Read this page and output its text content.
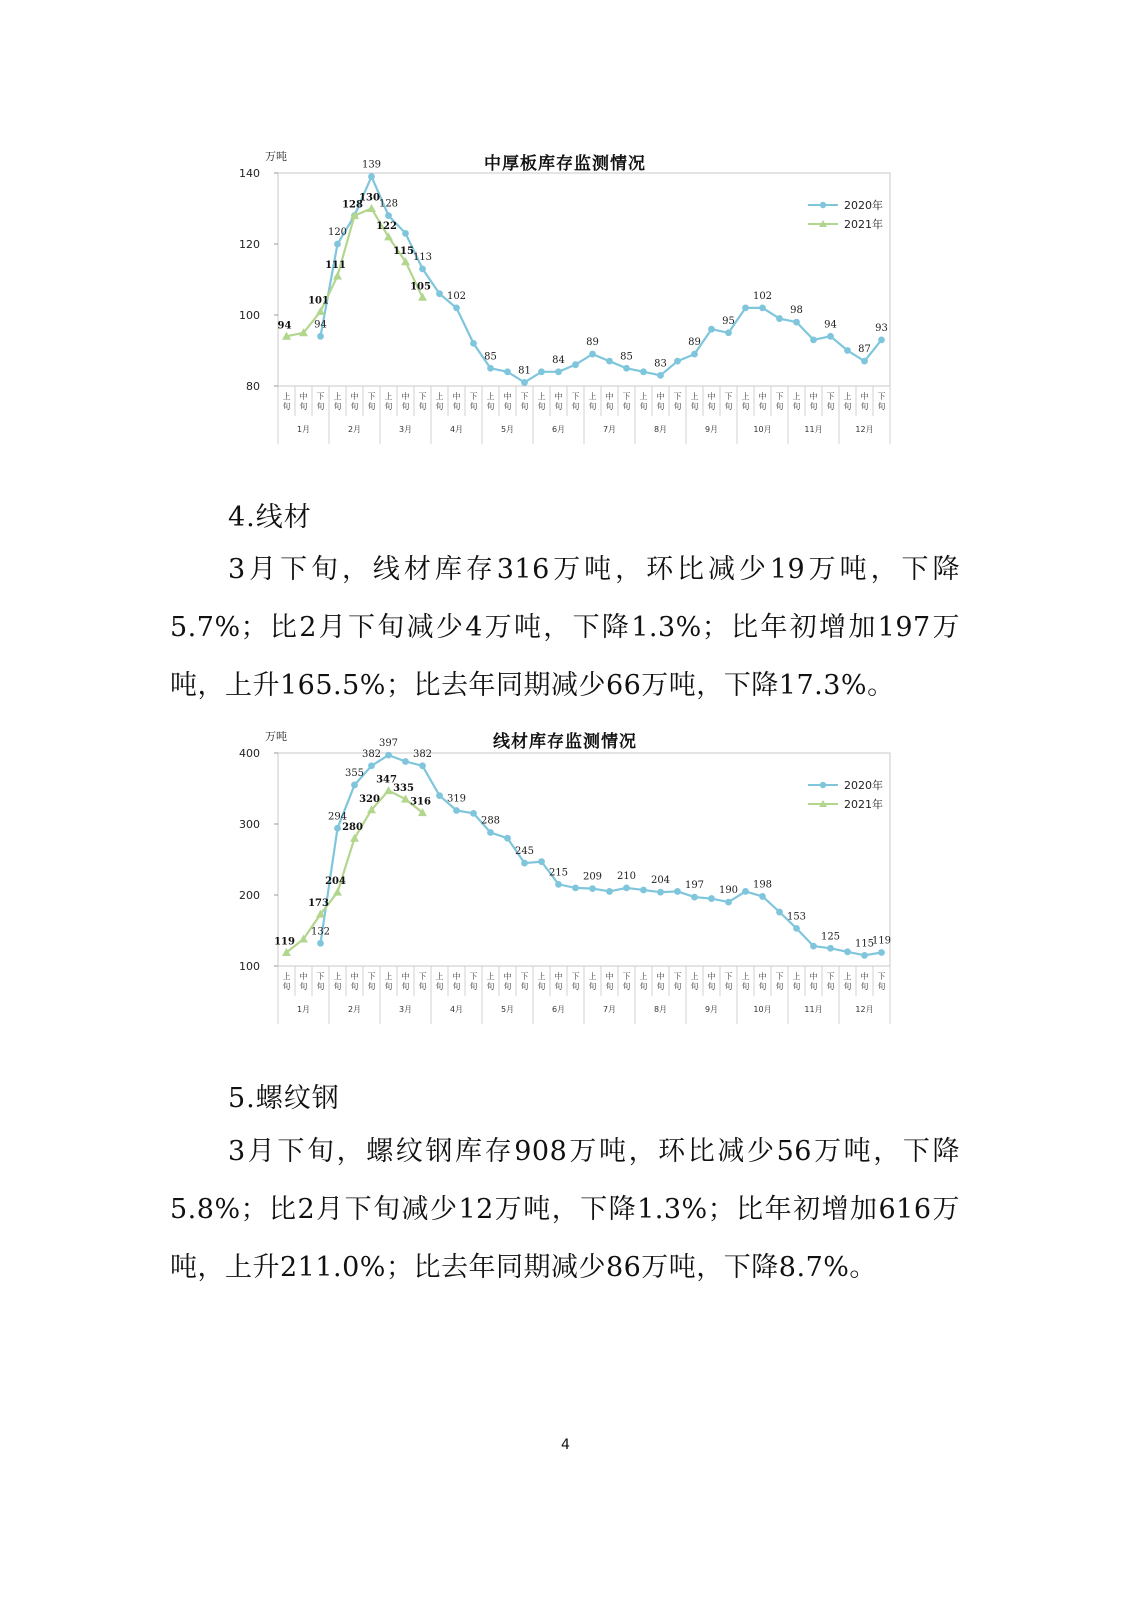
中厚板库存监测情况
万吨
80
100
120
140
上旬
中旬
下旬
上旬
中旬
下旬
上旬
中旬
下旬
上旬
中旬
下旬
上旬
中旬
下旬
上旬
中旬
下旬
上旬
中旬
下旬
上旬
中旬
下旬
上旬
中旬
下旬
上旬
中旬
下旬
上旬
中旬
下旬
上旬
中旬
下旬
1月	2月	3月	4月	5月	6月	7月	8月	9月	10月	11月	12月
94
120
139
128
113
102
85
81
84
89
85
83
89
95
102
98
94
87
93
94
101
111
128
130
122
115
105
2020年
2021年
4.线材
3月下旬，线材库存316万吨，环比减少19万吨，下降5.7%；比2月下旬减少4万吨，下降1.3%；比年初增加197万吨，上升165.5%；比去年同期减少66万吨，下降17.3%。
线材库存监测情况
万吨
100
200
300
400
上旬
中旬
下旬
上旬
中旬
下旬
上旬
中旬
下旬
上旬
中旬
下旬
上旬
中旬
下旬
上旬
中旬
下旬
上旬
中旬
下旬
上旬
中旬
下旬
上旬
中旬
下旬
上旬
中旬
下旬
上旬
中旬
下旬
上旬
中旬
下旬
1月	2月	3月	4月	5月	6月	7月	8月	9月	10月	11月	12月
132
294
355
382
397
382
319
288
245
215 209 210 204 197 190
198
153
125
115
119
119
173
204
280
320
347
335
316
2020年
2021年
5.螺纹钢
3月下旬，螺纹钢库存908万吨，环比减少56万吨，下降5.8%；比2月下旬减少12万吨，下降1.3%；比年初增加616万吨，上升211.0%；比去年同期减少86万吨，下降8.7%。
4
